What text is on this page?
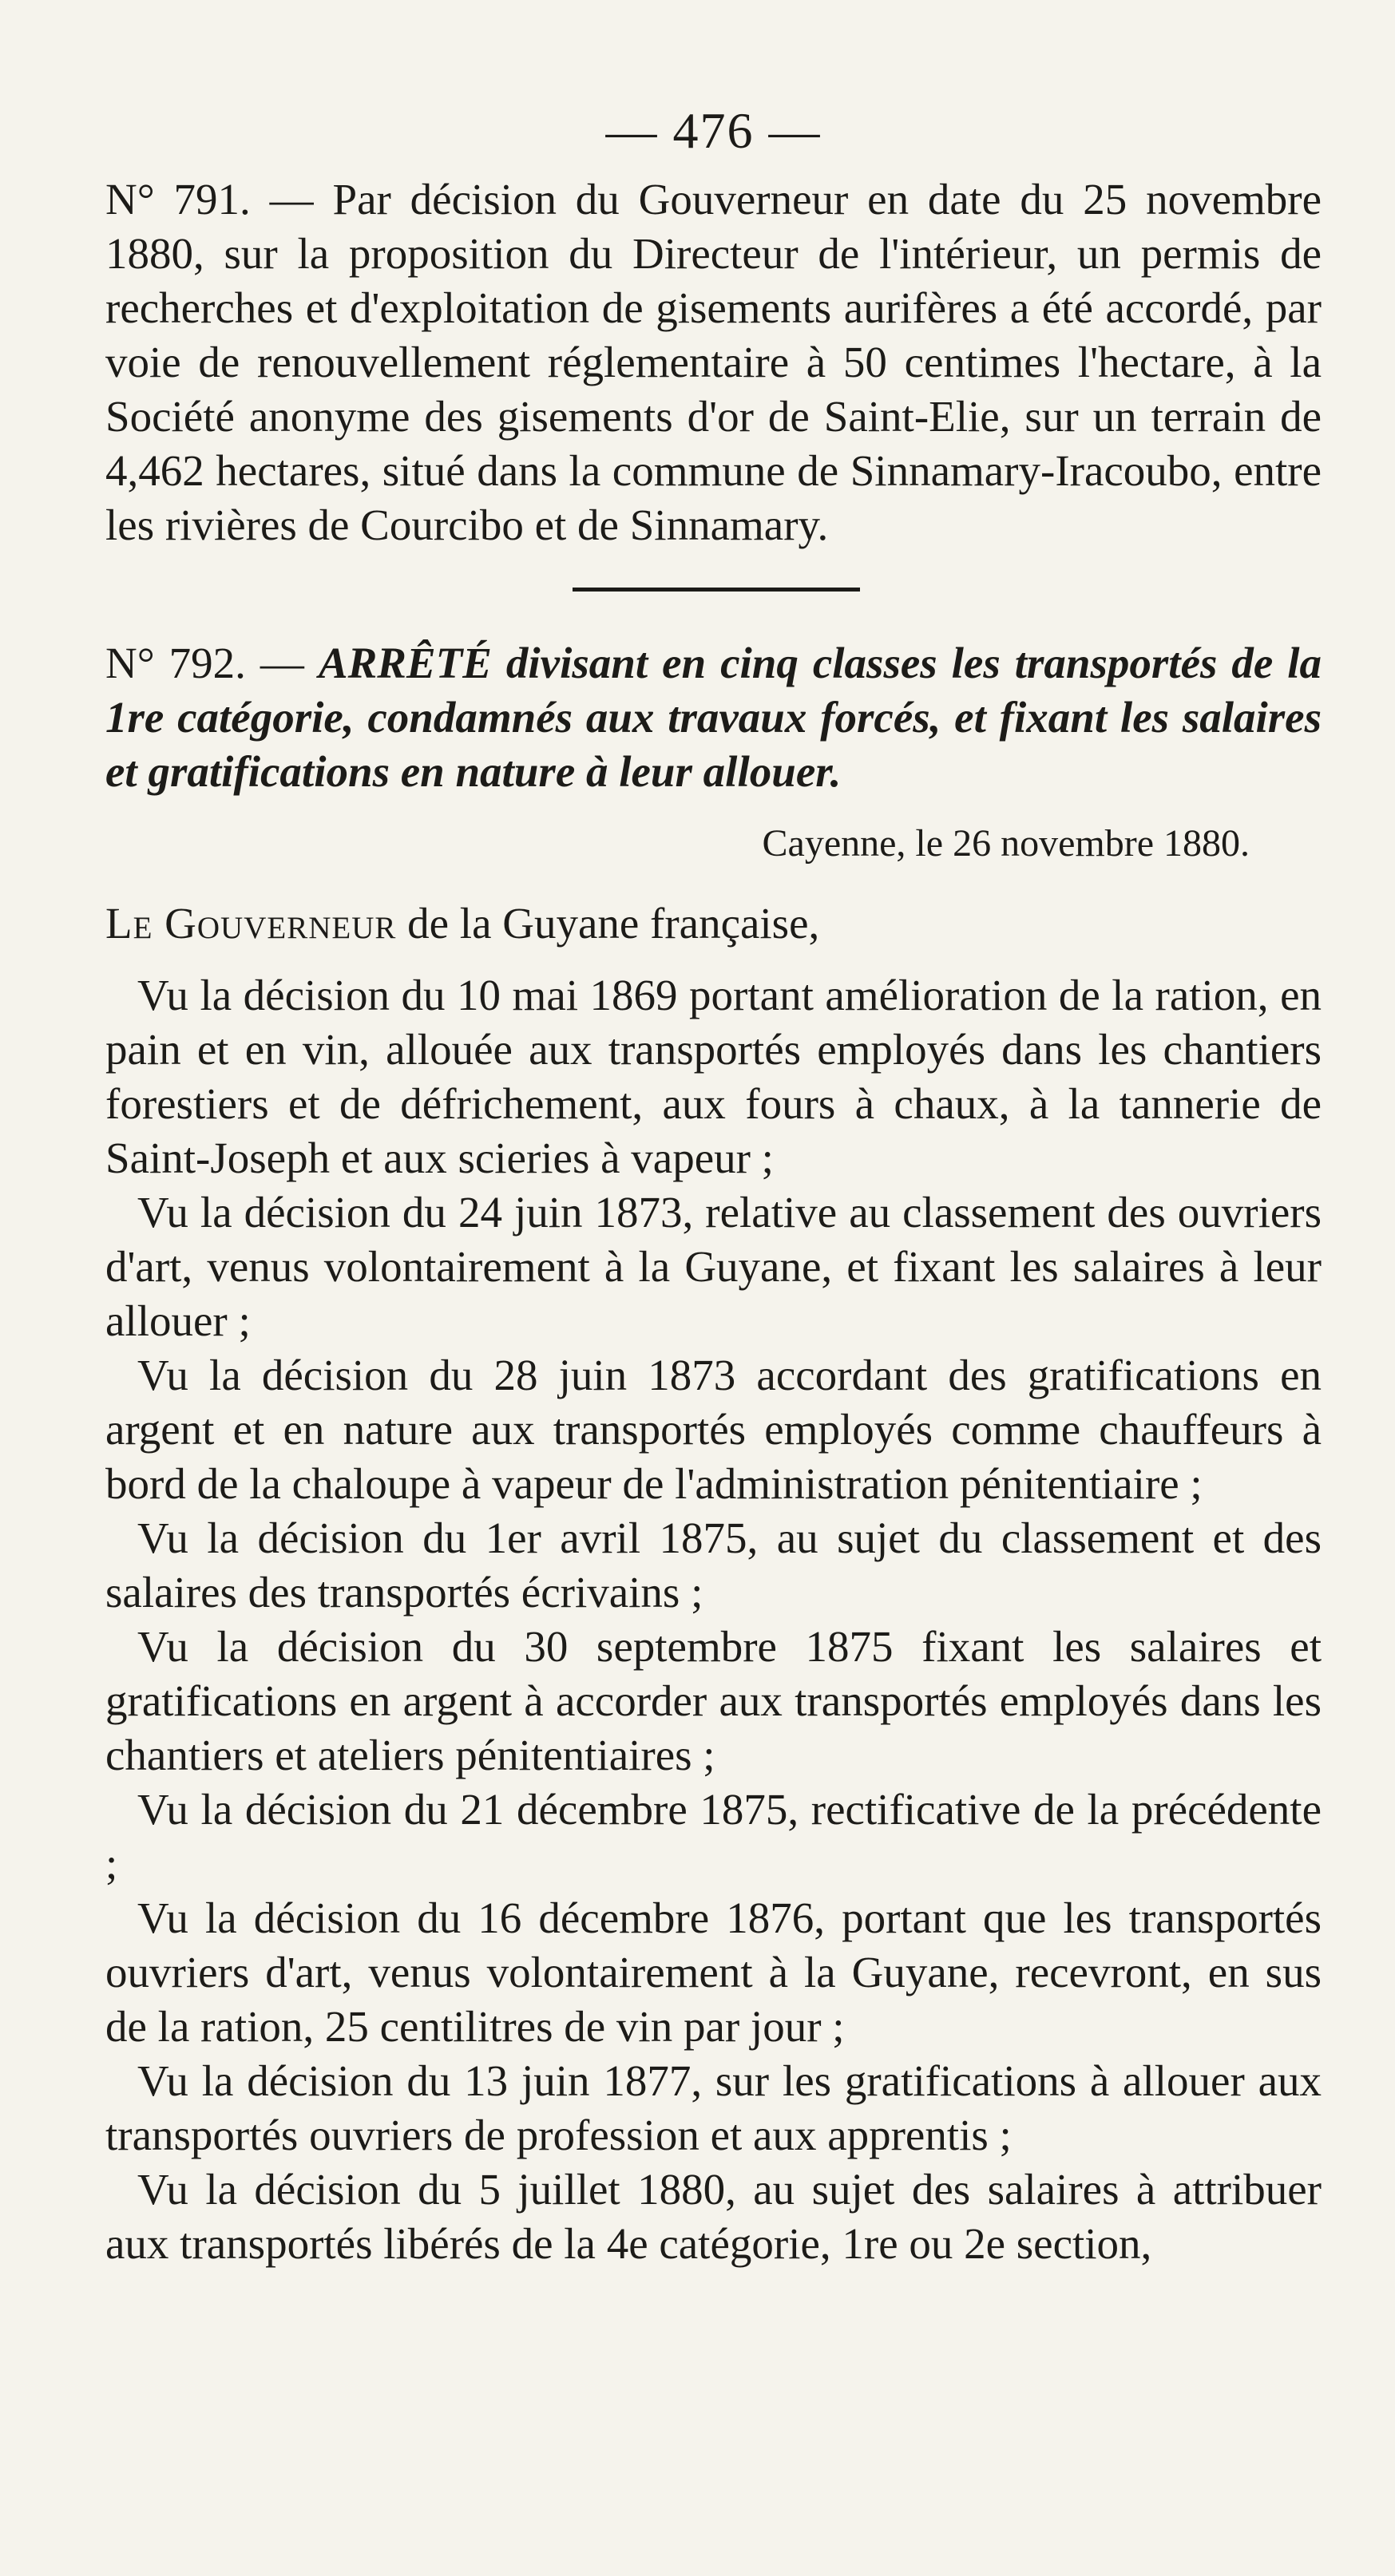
— 476 —

N° 791. — Par décision du Gouverneur en date du 25 novembre 1880, sur la proposition du Directeur de l'intérieur, un permis de recherches et d'exploitation de gisements aurifères a été accordé, par voie de renouvellement réglementaire à 50 centimes l'hectare, à la Société anonyme des gisements d'or de Saint-Elie, sur un terrain de 4,462 hectares, situé dans la commune de Sinnamary-Iracoubo, entre les rivières de Courcibo et de Sinnamary.

N° 792. — ARRÊTÉ divisant en cinq classes les transportés de la 1re catégorie, condamnés aux travaux forcés, et fixant les salaires et gratifications en nature à leur allouer.

Cayenne, le 26 novembre 1880.

Le Gouverneur de la Guyane française,

Vu la décision du 10 mai 1869 portant amélioration de la ration, en pain et en vin, allouée aux transportés employés dans les chantiers forestiers et de défrichement, aux fours à chaux, à la tannerie de Saint-Joseph et aux scieries à vapeur ;

Vu la décision du 24 juin 1873, relative au classement des ouvriers d'art, venus volontairement à la Guyane, et fixant les salaires à leur allouer ;

Vu la décision du 28 juin 1873 accordant des gratifications en argent et en nature aux transportés employés comme chauffeurs à bord de la chaloupe à vapeur de l'administration pénitentiaire ;

Vu la décision du 1er avril 1875, au sujet du classement et des salaires des transportés écrivains ;

Vu la décision du 30 septembre 1875 fixant les salaires et gratifications en argent à accorder aux transportés employés dans les chantiers et ateliers pénitentiaires ;

Vu la décision du 21 décembre 1875, rectificative de la précédente ;

Vu la décision du 16 décembre 1876, portant que les transportés ouvriers d'art, venus volontairement à la Guyane, recevront, en sus de la ration, 25 centilitres de vin par jour ;

Vu la décision du 13 juin 1877, sur les gratifications à allouer aux transportés ouvriers de profession et aux apprentis ;

Vu la décision du 5 juillet 1880, au sujet des salaires à attribuer aux transportés libérés de la 4e catégorie, 1re ou 2e section,
